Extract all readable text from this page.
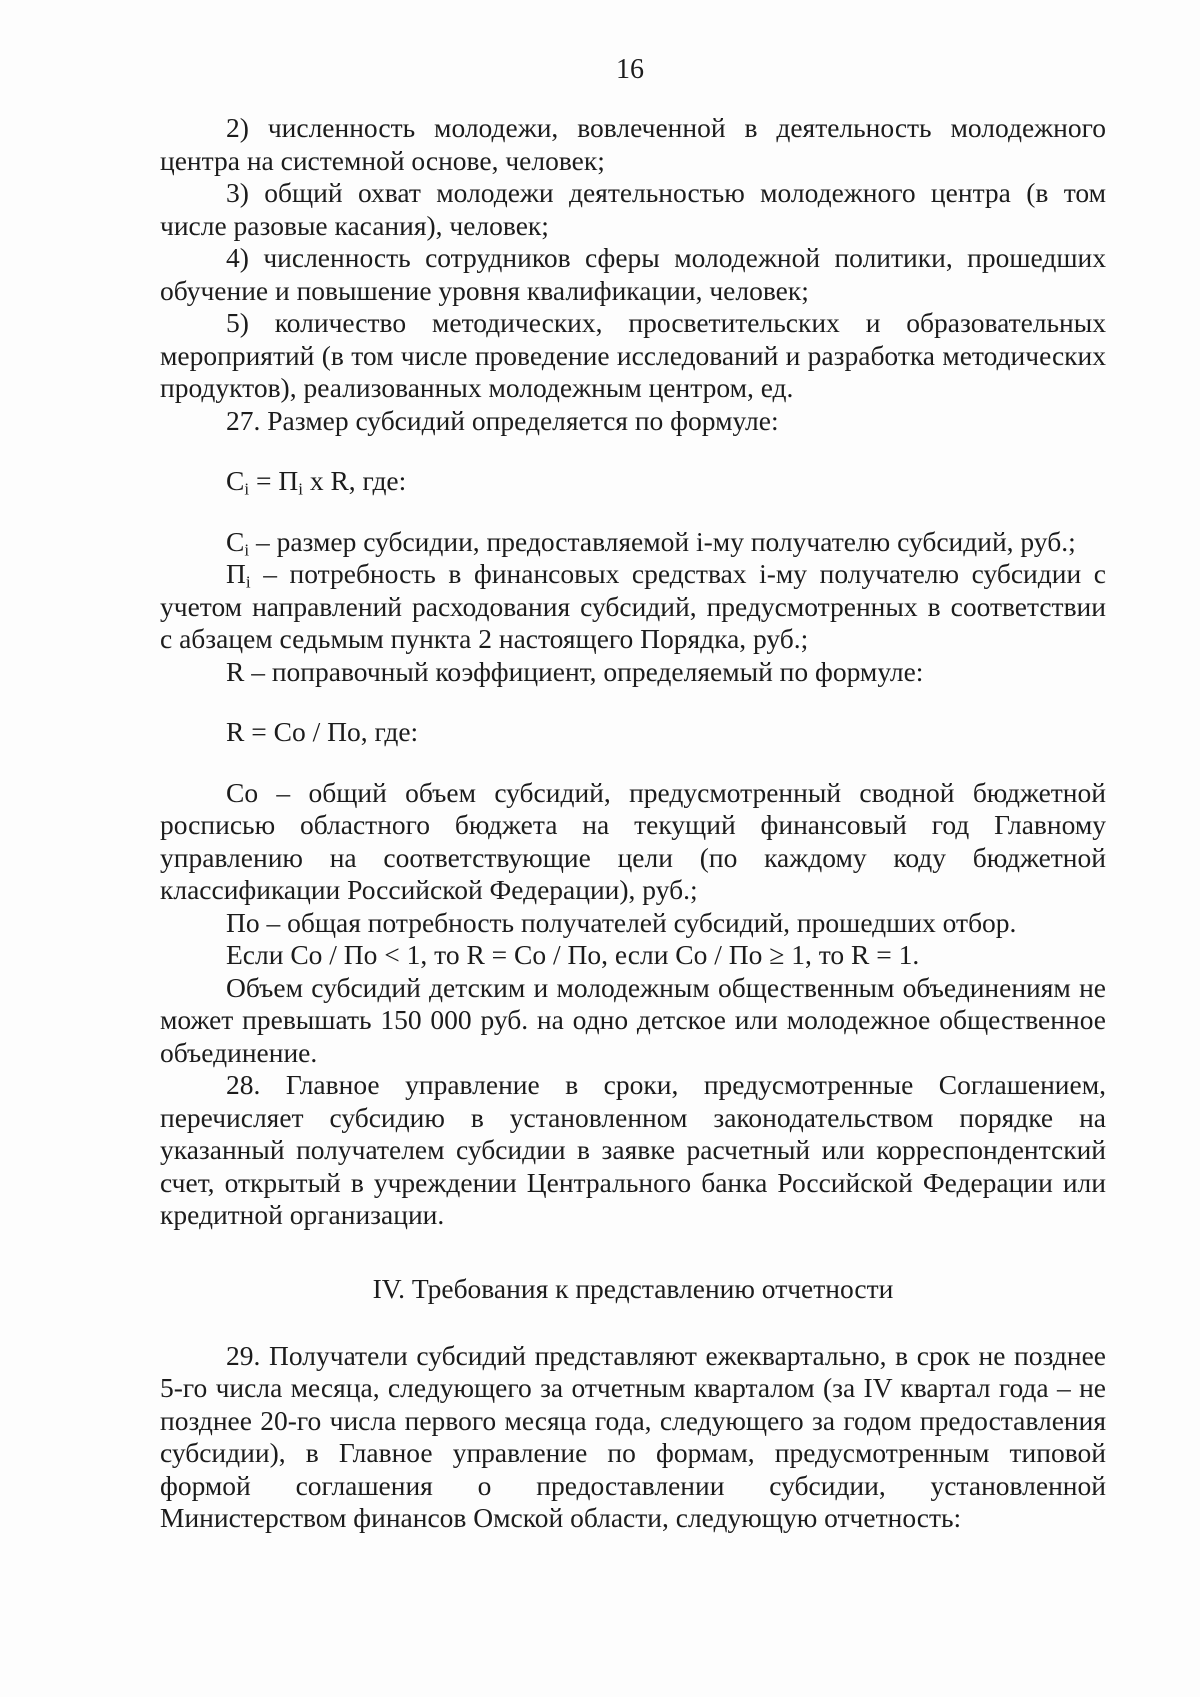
16

2) численность молодежи, вовлеченной в деятельность молодежного центра на системной основе, человек;

3) общий охват молодежи деятельностью молодежного центра (в том числе разовые касания), человек;

4) численность сотрудников сферы молодежной политики, прошедших обучение и повышение уровня квалификации, человек;

5) количество методических, просветительских и образовательных мероприятий (в том числе проведение исследований и разработка методических продуктов), реализованных молодежным центром, ед.

27. Размер субсидий определяется по формуле:

$C_i = П_i$ x R, где:

$C_i$ – размер субсидии, предоставляемой i-му получателю субсидий, руб.;

$П_i$ – потребность в финансовых средствах i-му получателю субсидии с учетом направлений расходования субсидий, предусмотренных в соответствии с абзацем седьмым пункта 2 настоящего Порядка, руб.;

R – поправочный коэффициент, определяемый по формуле:

R = Co / По, где:

Co – общий объем субсидий, предусмотренный сводной бюджетной росписью областного бюджета на текущий финансовый год Главному управлению на соответствующие цели (по каждому коду бюджетной классификации Российской Федерации), руб.;

По – общая потребность получателей субсидий, прошедших отбор.

Если Co / По < 1, то R = Co / По, если Co / По ≥ 1, то R = 1.

Объем субсидий детским и молодежным общественным объединениям не может превышать 150 000 руб. на одно детское или молодежное общественное объединение.

28. Главное управление в сроки, предусмотренные Соглашением, перечисляет субсидию в установленном законодательством порядке на указанный получателем субсидии в заявке расчетный или корреспондентский счет, открытый в учреждении Центрального банка Российской Федерации или кредитной организации.

IV. Требования к представлению отчетности

29. Получатели субсидий представляют ежеквартально, в срок не позднее 5-го числа месяца, следующего за отчетным кварталом (за IV квартал года – не позднее 20-го числа первого месяца года, следующего за годом предоставления субсидии), в Главное управление по формам, предусмотренным типовой формой соглашения о предоставлении субсидии, установленной Министерством финансов Омской области, следующую отчетность:
